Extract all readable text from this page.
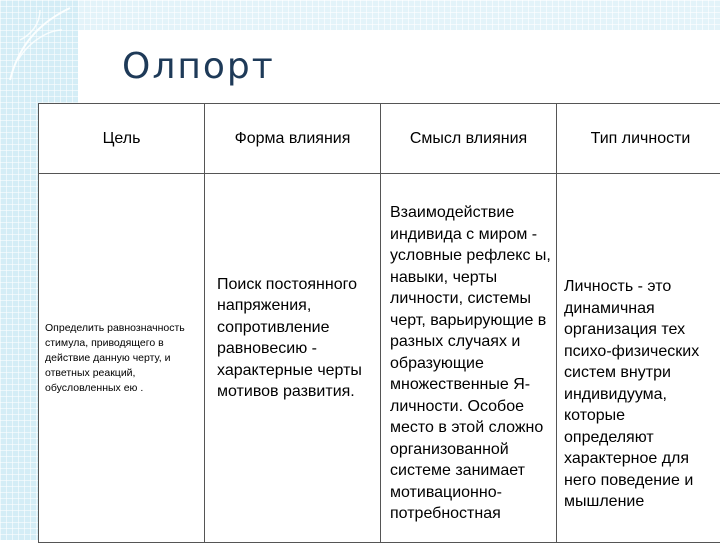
Олпорт
Цель	Форма влияния	Смысл влияния	Тип личности
Определить равнозначность стимула, приводящего в действие данную черту, и ответных реакций, обусловленных ею .	Поиск постоянного напряжения, сопротивление равновесию - характерные черты мотивов развития.	Взаимодействие индивида с миром - условные рефлекс ы, навыки, черты личности, системы черт, варьирующие в разных случаях и образующие множественные Я-личности. Особое место в этой сложно организованной системе занимает мотивационно-потребностная	Личность - это динамичная организация тех психо-физических систем внутри индивидуума, которые определяют характерное для него поведение и мышление
